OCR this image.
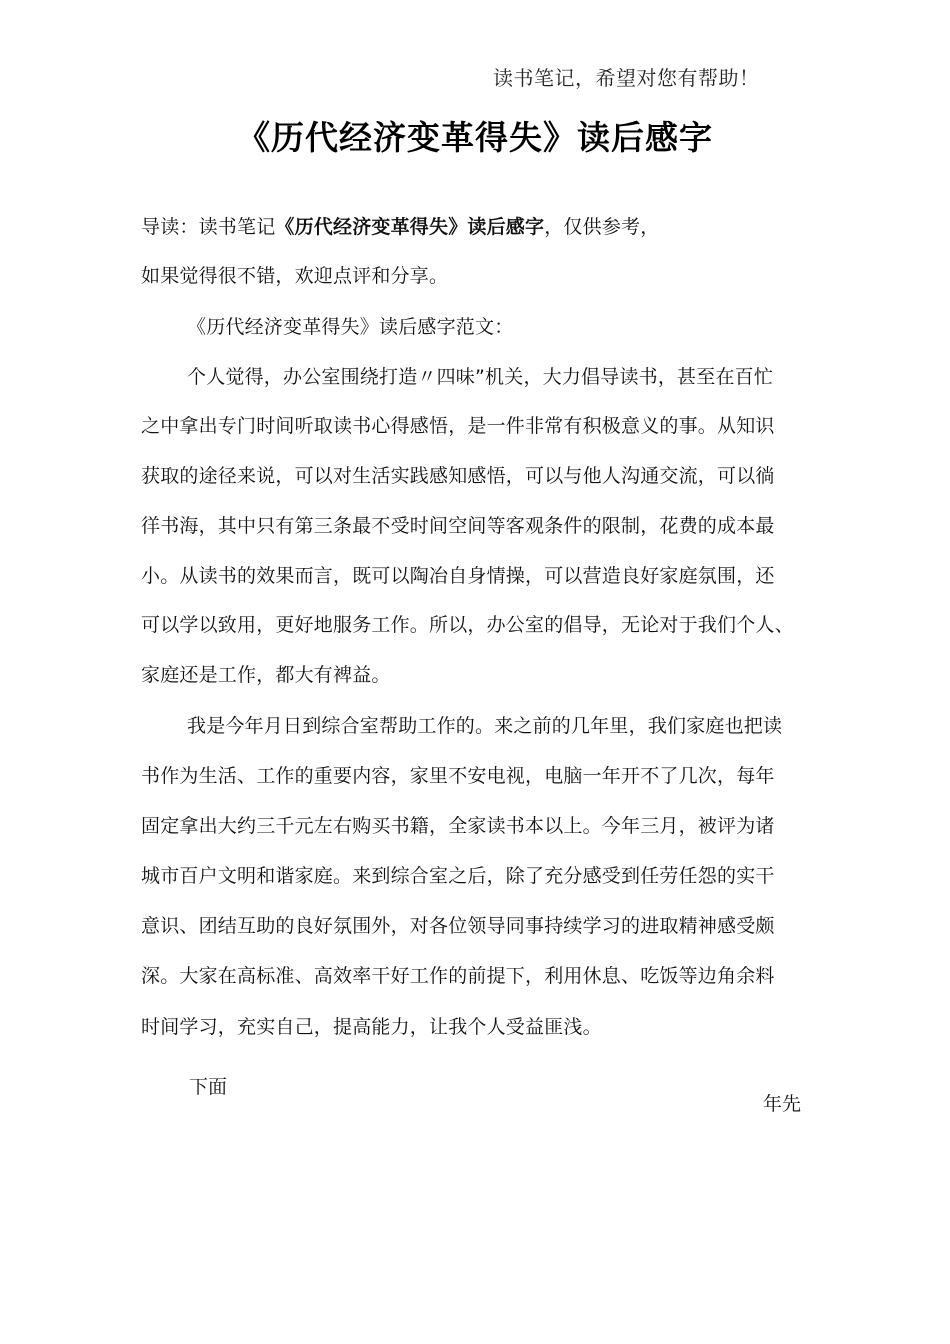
读书笔记，希望对您有帮助！
《历代经济变革得失》读后感字
导读：读书笔记《历代经济变革得失》读后感字，仅供参考，
如果觉得很不错，欢迎点评和分享。
《历代经济变革得失》读后感字范文：
个人觉得，办公室围绕打造〃四味”机关，大力倡导读书，甚至在百忙
之中拿出专门时间听取读书心得感悟，是一件非常有积极意义的事。从知识
获取的途径来说，可以对生活实践感知感悟，可以与他人沟通交流，可以徜
徉书海，其中只有第三条最不受时间空间等客观条件的限制，花费的成本最
小。从读书的效果而言，既可以陶冶自身情操，可以营造良好家庭氛围，还
可以学以致用，更好地服务工作。所以，办公室的倡导，无论对于我们个人、
家庭还是工作，都大有裨益。
我是今年月日到综合室帮助工作的。来之前的几年里，我们家庭也把读
书作为生活、工作的重要内容，家里不安电视，电脑一年开不了几次，每年
固定拿出大约三千元左右购买书籍，全家读书本以上。今年三月，被评为诸
城市百户文明和谐家庭。来到综合室之后，除了充分感受到任劳任怨的实干
意识、团结互助的良好氛围外，对各位领导同事持续学习的进取精神感受颇
深。大家在高标准、高效率干好工作的前提下，利用休息、吃饭等边角余料
时间学习，充实自己，提高能力，让我个人受益匪浅。
下面
年先
